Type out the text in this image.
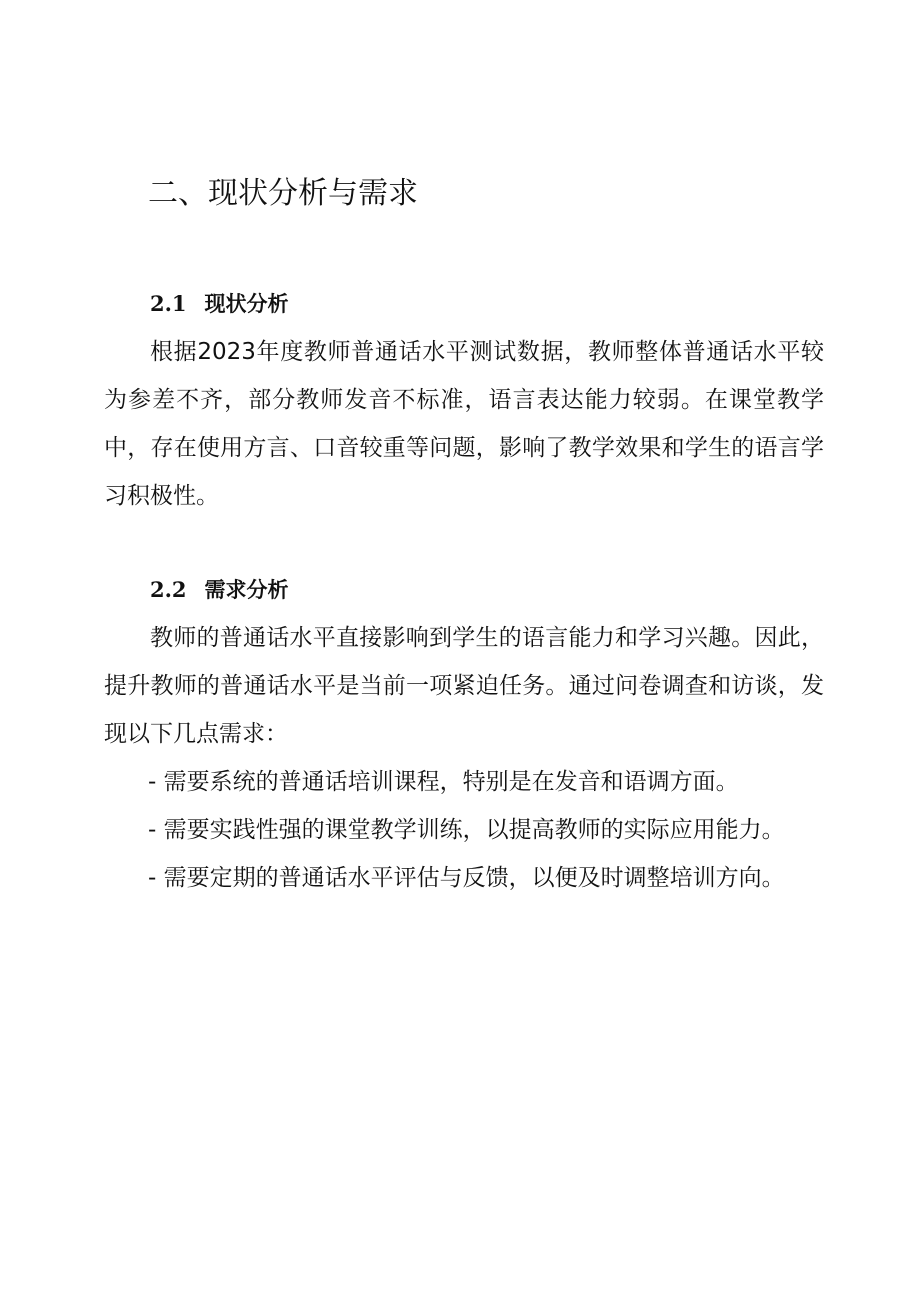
二、现状分析与需求
2.1 现状分析

根据2023年度教师普通话水平测试数据，教师整体普通话水平较为参差不齐，部分教师发音不标准，语言表达能力较弱。在课堂教学中，存在使用方言、口音较重等问题，影响了教学效果和学生的语言学习积极性。

2.2 需求分析

教师的普通话水平直接影响到学生的语言能力和学习兴趣。因此，提升教师的普通话水平是当前一项紧迫任务。通过问卷调查和访谈，发现以下几点需求：

- 需要系统的普通话培训课程，特别是在发音和语调方面。

- 需要实践性强的课堂教学训练，以提高教师的实际应用能力。

- 需要定期的普通话水平评估与反馈，以便及时调整培训方向。
